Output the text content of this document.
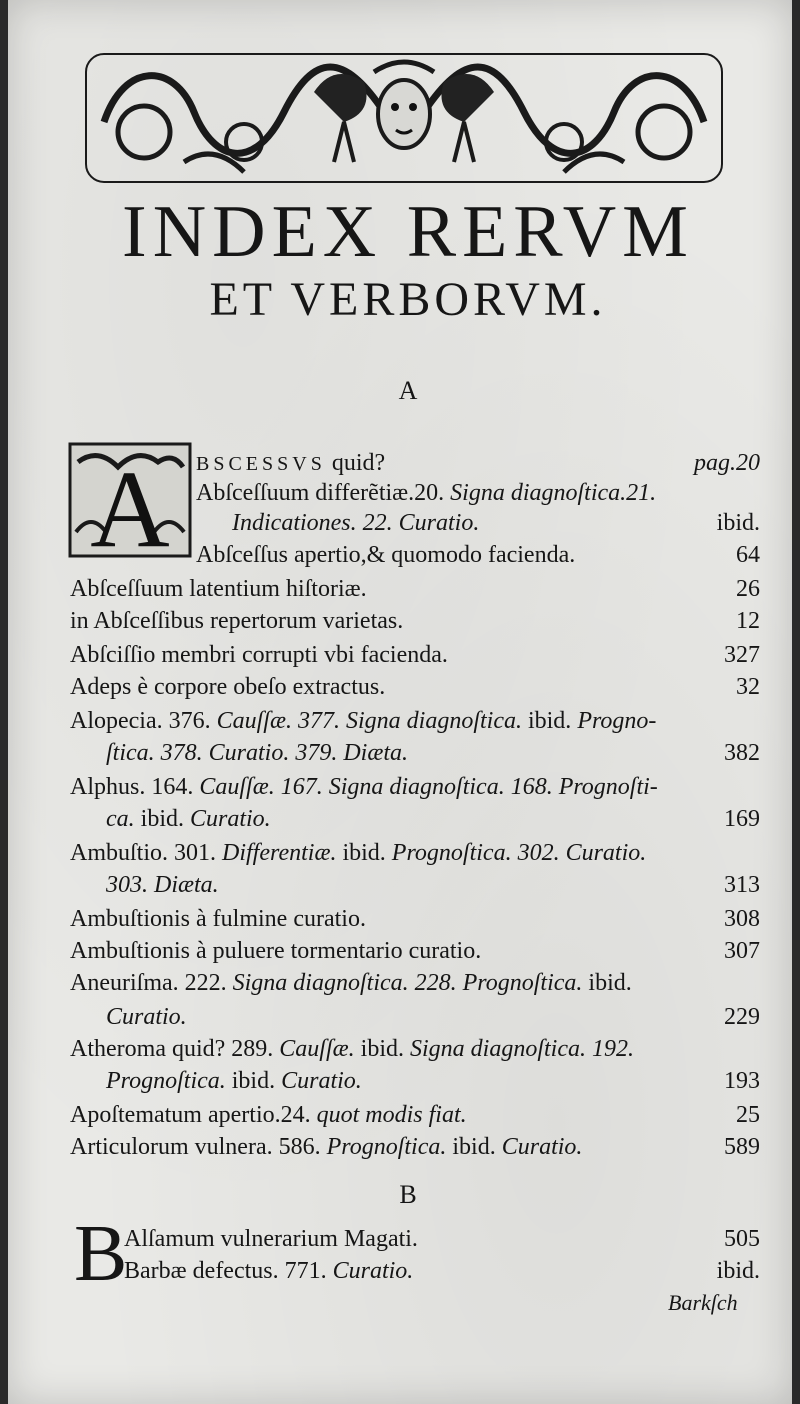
INDEX RERVM
ET VERBORVM.
A
A BSCESSVS quid?	pag.20
Abſceſſuum differẽtiæ.20. Signa diagnoſtica.21.
Indicationes. 22. Curatio.	ibid.
Abſceſſus apertio,& quomodo facienda.	64
Abſceſſuum latentium hiſtoriæ.	26
in Abſceſſibus repertorum varietas.	12
Abſciſſio membri corrupti vbi facienda.	327
Adeps è corpore obeſo extractus.	32
Alopecia. 376. Cauſſæ. 377. Signa diagnoſtica. ibid. Progno-
ſtica. 378. Curatio. 379. Diæta.	382
Alphus. 164. Cauſſæ. 167. Signa diagnoſtica. 168. Prognoſti-
ca. ibid. Curatio.	169
Ambuſtio. 301. Differentiæ. ibid. Prognoſtica. 302. Curatio.
303. Diæta.	313
Ambuſtionis à fulmine curatio.	308
Ambuſtionis à puluere tormentario curatio.	307
Aneuriſma. 222. Signa diagnoſtica. 228. Prognoſtica. ibid.
Curatio.	229
Atheroma quid? 289. Cauſſæ. ibid. Signa diagnoſtica. 192.
Prognoſtica. ibid. Curatio.	193
Apoſtematum apertio.24. quot modis fiat.	25
Articulorum vulnera. 586. Prognoſtica. ibid. Curatio.	589
B
B
Alſamum vulnerarium Magati.	505
Barbæ defectus. 771. Curatio.	ibid.
Barkſch
